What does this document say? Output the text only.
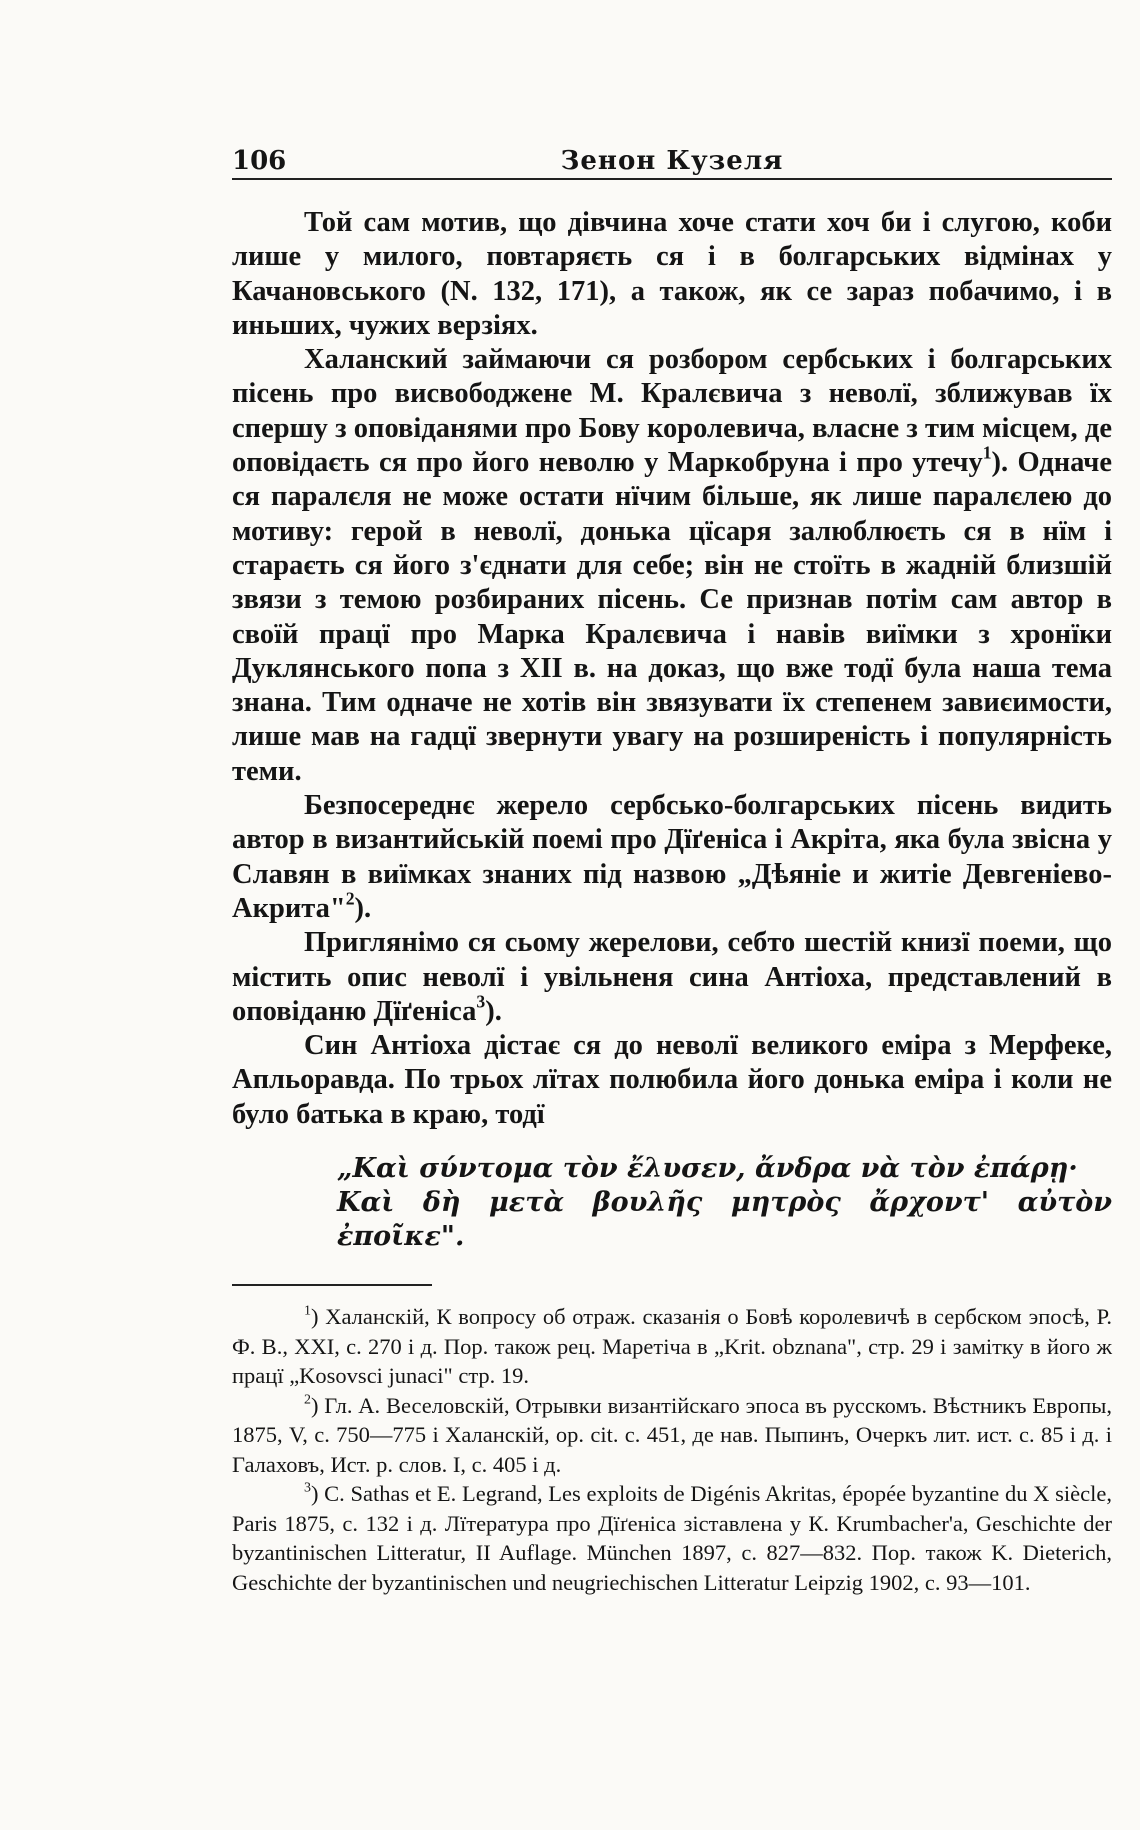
106	Зенон Кузеля

Той сам мотив, що дівчина хоче стати хоч би і слугою, коби лише у милого, повтаряєть ся і в болгарських відмінах у Качановського (N. 132, 171), а також, як се зараз побачимо, і в иньших, чужих верзіях.

Халанский займаючи ся розбором сербських і болгарських пісень про висвободжене М. Кралєвича з неволї, зближував їх спершу з оповіданями про Бову королевича, власне з тим місцем, де оповідаєть ся про його неволю у Маркобруна і про утечу$^1$). Одначе ся паралєля не може остати нїчим більше, як лише паралєлею до мотиву: герой в неволї, донька цїсаря залюблюєть ся в нїм і стараєть ся його з'єднати для себе; він не стоїть в жадній близшій звязи з темою розбираних пісень. Се признав потім сам автор в своїй працї про Марка Кралєвича і навів виїмки з хронїки Дуклянського попа з XII в. на доказ, що вже тодї була наша тема знана. Тим одначе не хотів він звязувати їх степенем завиєимости, лише мав на гадцї звернути увагу на розширеність і популярність теми.

Безпосереднє жерело сербсько-болгарських пісень видить автор в византийській поемі про Дїґеніса і Акріта, яка була звісна у Славян в виїмках знаних під назвою „Дѣяніе и житіе Девгеніево-Акрита"$^2$).

Приглянімо ся сьому жерелови, себто шестій книзї поеми, що містить опис неволї і увільненя сина Антіоха, представлений в оповіданю Дїґеніса$^3$).

Син Антіоха дістає ся до неволї великого еміра з Мерфеке, Апльоравда. По трьох лїтах полюбила його донька еміра і коли не було батька в краю, тодї

„Καὶ σύντομα τὸν ἔλυσεν, ἄνδρα νὰ τὸν ἐπάρῃ·
Καὶ δὴ μετὰ βουλῆς μητρὸς ἄρχοντ' αὐτὸν ἐποῖκε".

$^1$) Халанскій, К вопросу об отраж. сказанія о Бовѣ королевичѣ в сербском эпосѣ, Р. Ф. В., XXI, с. 270 і д. Пор. також рец. Маретіча в „Krit. obznana", стр. 29 і замітку в його ж працї „Kosovsci junaci" стр. 19.

$^2$) Гл. А. Веселовскій, Отрывки византійскаго эпоса въ русскомъ. Вѣстникъ Европы, 1875, V, с. 750—775 і Халанскій, op. cit. с. 451, де нав. Пыпинъ, Очеркъ лит. ист. с. 85 і д. і Галаховъ, Ист. р. слов. I, с. 405 і д.

$^3$) C. Sathas et E. Legrand, Les exploits de Digénis Akritas, épopée byzantine du X siècle, Paris 1875, c. 132 і д. Лїтература про Дїґеніса зіставлена у К. Krumbacher'a, Geschichte der byzantinischen Litteratur, II Auflage. München 1897, c. 827—832. Пор. також K. Dieterich, Geschichte der byzantinischen und neugriechischen Litteratur Leipzig 1902, c. 93—101.
